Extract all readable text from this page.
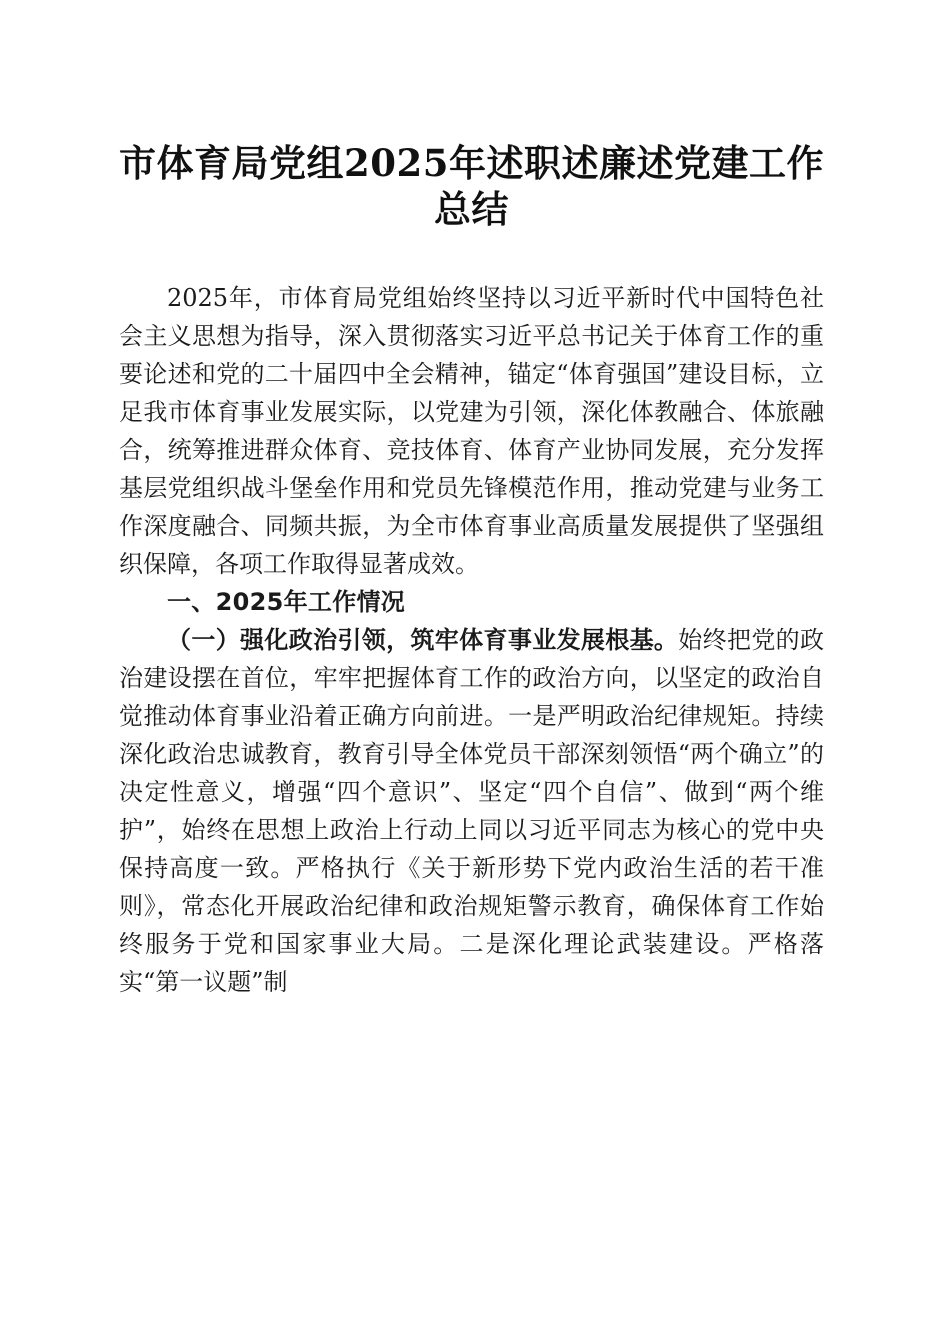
市体育局党组2025年述职述廉述党建工作总结

2025年，市体育局党组始终坚持以习近平新时代中国特色社会主义思想为指导，深入贯彻落实习近平总书记关于体育工作的重要论述和党的二十届四中全会精神，锚定“体育强国”建设目标，立足我市体育事业发展实际，以党建为引领，深化体教融合、体旅融合，统筹推进群众体育、竞技体育、体育产业协同发展，充分发挥基层党组织战斗堡垒作用和党员先锋模范作用，推动党建与业务工作深度融合、同频共振，为全市体育事业高质量发展提供了坚强组织保障，各项工作取得显著成效。

一、2025年工作情况

（一）强化政治引领，筑牢体育事业发展根基。始终把党的政治建设摆在首位，牢牢把握体育工作的政治方向，以坚定的政治自觉推动体育事业沿着正确方向前进。一是严明政治纪律规矩。持续深化政治忠诚教育，教育引导全体党员干部深刻领悟“两个确立”的决定性意义，增强“四个意识”、坚定“四个自信”、做到“两个维护”，始终在思想上政治上行动上同以习近平同志为核心的党中央保持高度一致。严格执行《关于新形势下党内政治生活的若干准则》，常态化开展政治纪律和政治规矩警示教育，确保体育工作始终服务于党和国家事业大局。二是深化理论武装建设。严格落实“第一议题”制
